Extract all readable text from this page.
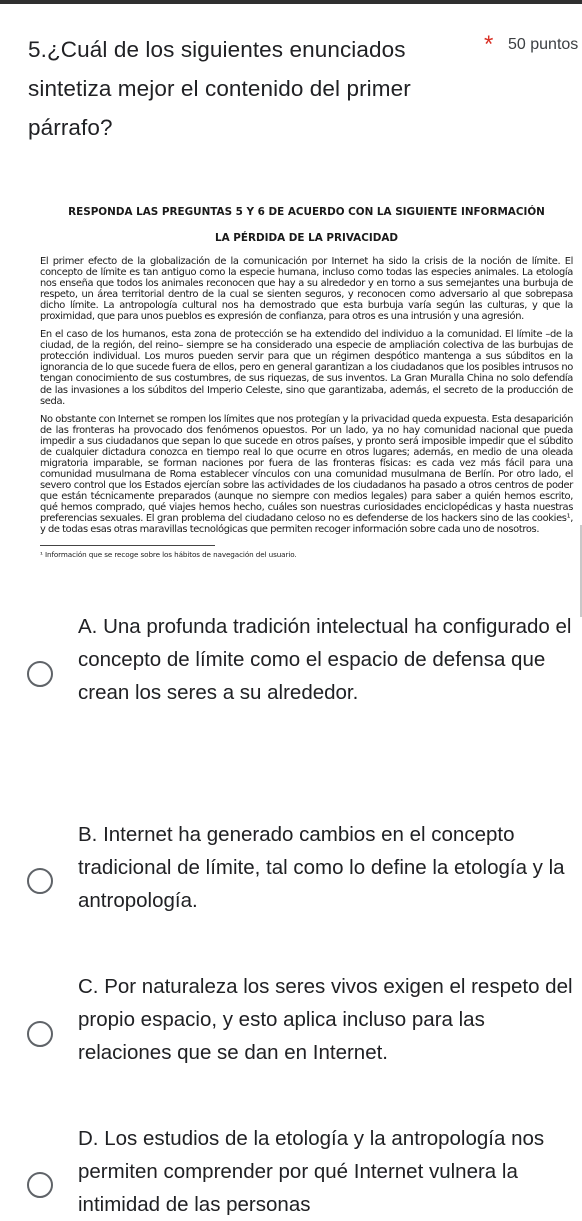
5.¿Cuál de los siguientes enunciados sintetiza mejor el contenido del primer párrafo?
* 50 puntos
RESPONDA LAS PREGUNTAS 5 Y 6 DE ACUERDO CON LA SIGUIENTE INFORMACIÓN
LA PÉRDIDA DE LA PRIVACIDAD

El primer efecto de la globalización de la comunicación por Internet ha sido la crisis de la noción de límite. El concepto de límite es tan antiguo como la especie humana, incluso como todas las especies animales. La etología nos enseña que todos los animales reconocen que hay a su alrededor y en torno a sus semejantes una burbuja de respeto, un área territorial dentro de la cual se sienten seguros, y reconocen como adversario al que sobrepasa dicho límite. La antropología cultural nos ha demostrado que esta burbuja varía según las culturas, y que la proximidad, que para unos pueblos es expresión de confianza, para otros es una intrusión y una agresión.

En el caso de los humanos, esta zona de protección se ha extendido del individuo a la comunidad. El límite –de la ciudad, de la región, del reino– siempre se ha considerado una especie de ampliación colectiva de las burbujas de protección individual. Los muros pueden servir para que un régimen despótico mantenga a sus súbditos en la ignorancia de lo que sucede fuera de ellos, pero en general garantizan a los ciudadanos que los posibles intrusos no tengan conocimiento de sus costumbres, de sus riquezas, de sus inventos. La Gran Muralla China no solo defendía de las invasiones a los súbditos del Imperio Celeste, sino que garantizaba, además, el secreto de la producción de seda.

No obstante con Internet se rompen los límites que nos protegían y la privacidad queda expuesta. Esta desaparición de las fronteras ha provocado dos fenómenos opuestos. Por un lado, ya no hay comunidad nacional que pueda impedir a sus ciudadanos que sepan lo que sucede en otros países, y pronto será imposible impedir que el súbdito de cualquier dictadura conozca en tiempo real lo que ocurre en otros lugares; además, en medio de una oleada migratoria imparable, se forman naciones por fuera de las fronteras físicas: es cada vez más fácil para una comunidad musulmana de Roma establecer vínculos con una comunidad musulmana de Berlín. Por otro lado, el severo control que los Estados ejercían sobre las actividades de los ciudadanos ha pasado a otros centros de poder que están técnicamente preparados (aunque no siempre con medios legales) para saber a quién hemos escrito, qué hemos comprado, qué viajes hemos hecho, cuáles son nuestras curiosidades enciclopédicas y hasta nuestras preferencias sexuales. El gran problema del ciudadano celoso no es defenderse de los hackers sino de las cookies¹, y de todas esas otras maravillas tecnológicas que permiten recoger información sobre cada uno de nosotros.

¹ Información que se recoge sobre los hábitos de navegación del usuario.
A. Una profunda tradición intelectual ha configurado el concepto de límite como el espacio de defensa que crean los seres a su alrededor.
B. Internet ha generado cambios en el concepto tradicional de límite, tal como lo define la etología y la antropología.
C. Por naturaleza los seres vivos exigen el respeto del propio espacio, y esto aplica incluso para las relaciones que se dan en Internet.
D. Los estudios de la etología y la antropología nos permiten comprender por qué Internet vulnera la intimidad de las personas
